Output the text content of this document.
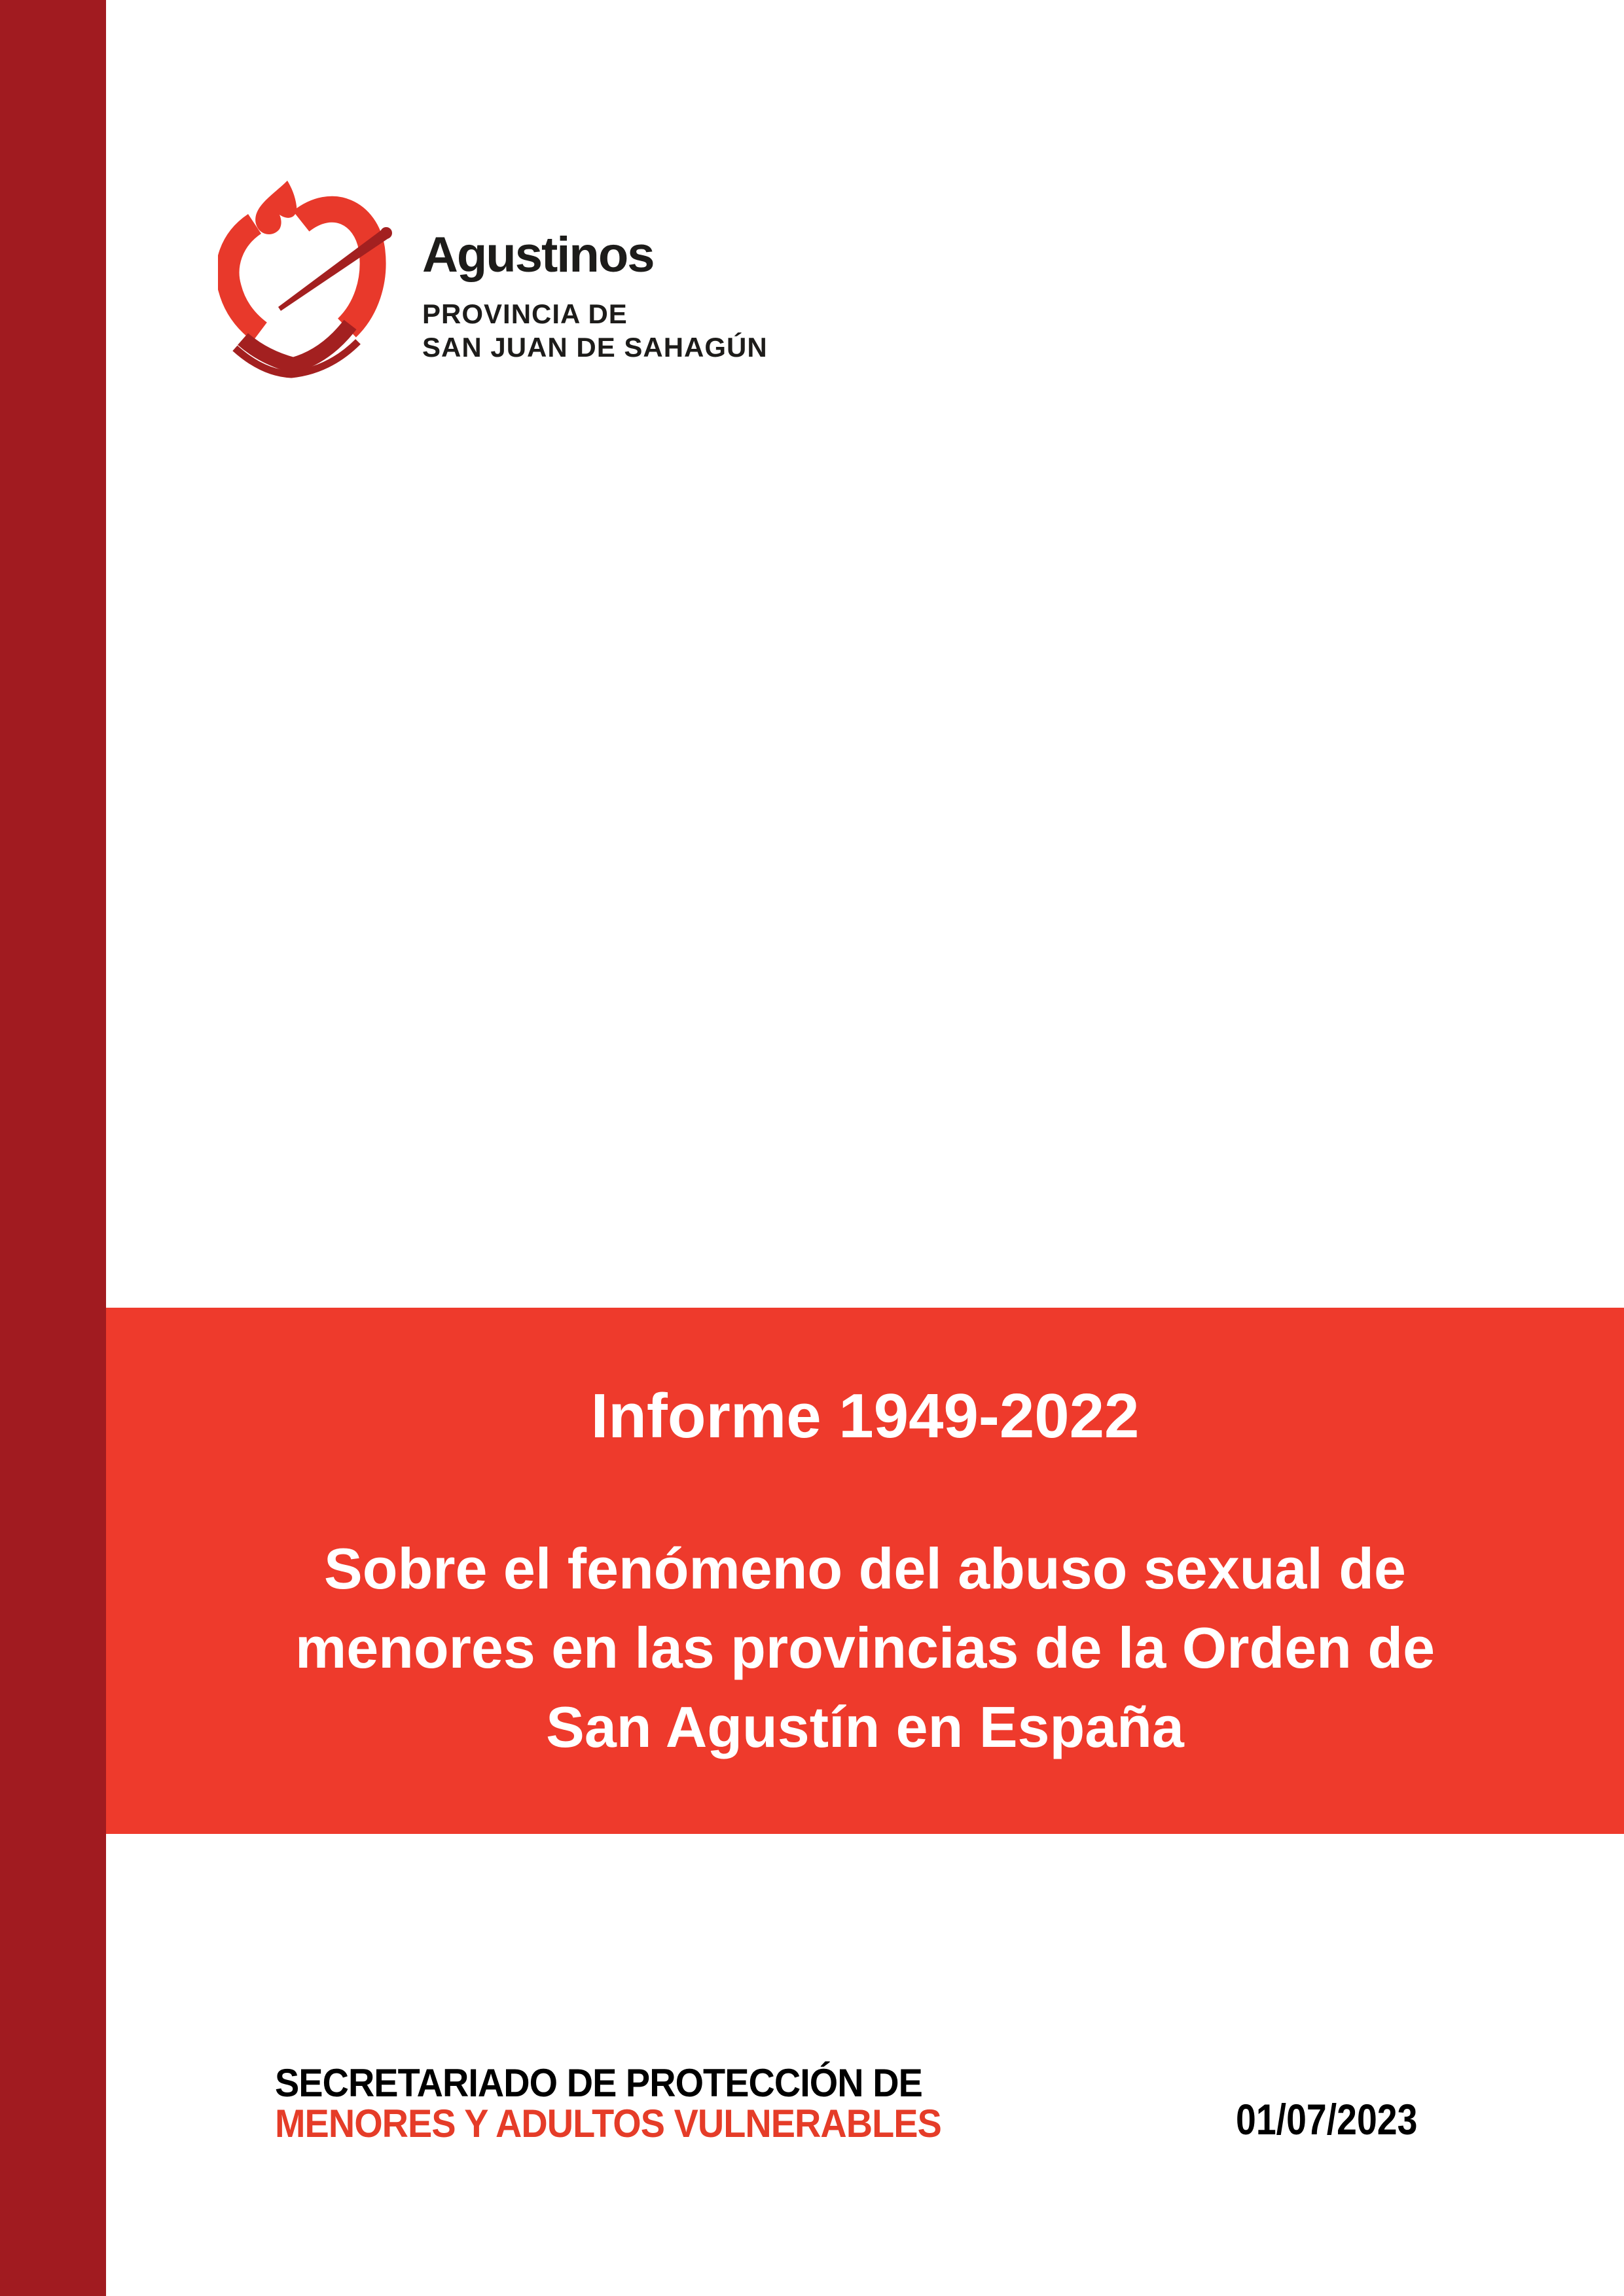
Agustinos
PROVINCIA DE
SAN JUAN DE SAHAGÚN
Informe 1949-2022
Sobre el fenómeno del abuso sexual de
menores en las provincias de la Orden de
San Agustín en España
SECRETARIADO DE PROTECCIÓN DE
MENORES Y ADULTOS VULNERABLES	01/07/2023
